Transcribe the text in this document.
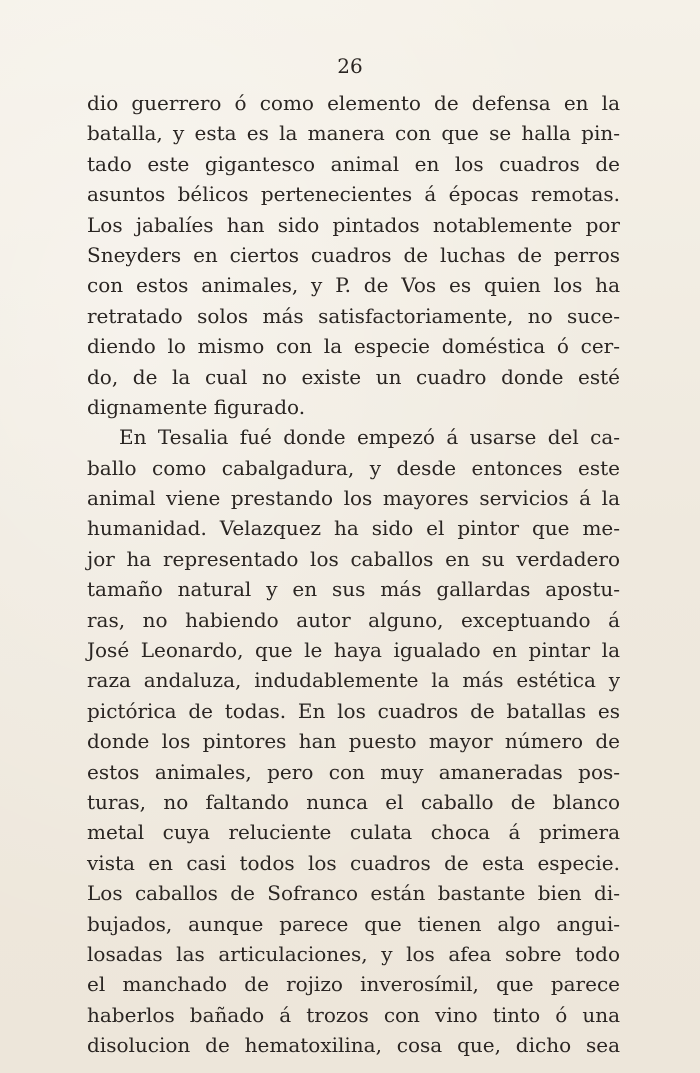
26
dio guerrero ó como elemento de defensa en la
batalla, y esta es la manera con que se halla pin-
tado este gigantesco animal en los cuadros de
asuntos bélicos pertenecientes á épocas remotas.
Los jabalíes han sido pintados notablemente por
Sneyders en ciertos cuadros de luchas de perros
con estos animales, y P. de Vos es quien los ha
retratado solos más satisfactoriamente, no suce-
diendo lo mismo con la especie doméstica ó cer-
do, de la cual no existe un cuadro donde esté
dignamente figurado.
En Tesalia fué donde empezó á usarse del ca-
ballo como cabalgadura, y desde entonces este
animal viene prestando los mayores servicios á la
humanidad. Velazquez ha sido el pintor que me-
jor ha representado los caballos en su verdadero
tamaño natural y en sus más gallardas apostu-
ras, no habiendo autor alguno, exceptuando á
José Leonardo, que le haya igualado en pintar la
raza andaluza, indudablemente la más estética y
pictórica de todas. En los cuadros de batallas es
donde los pintores han puesto mayor número de
estos animales, pero con muy amaneradas pos-
turas, no faltando nunca el caballo de blanco
metal cuya reluciente culata choca á primera
vista en casi todos los cuadros de esta especie.
Los caballos de Sofranco están bastante bien di-
bujados, aunque parece que tienen algo angui-
losadas las articulaciones, y los afea sobre todo
el manchado de rojizo inverosímil, que parece
haberlos bañado á trozos con vino tinto ó una
disolucion de hematoxilina, cosa que, dicho sea
